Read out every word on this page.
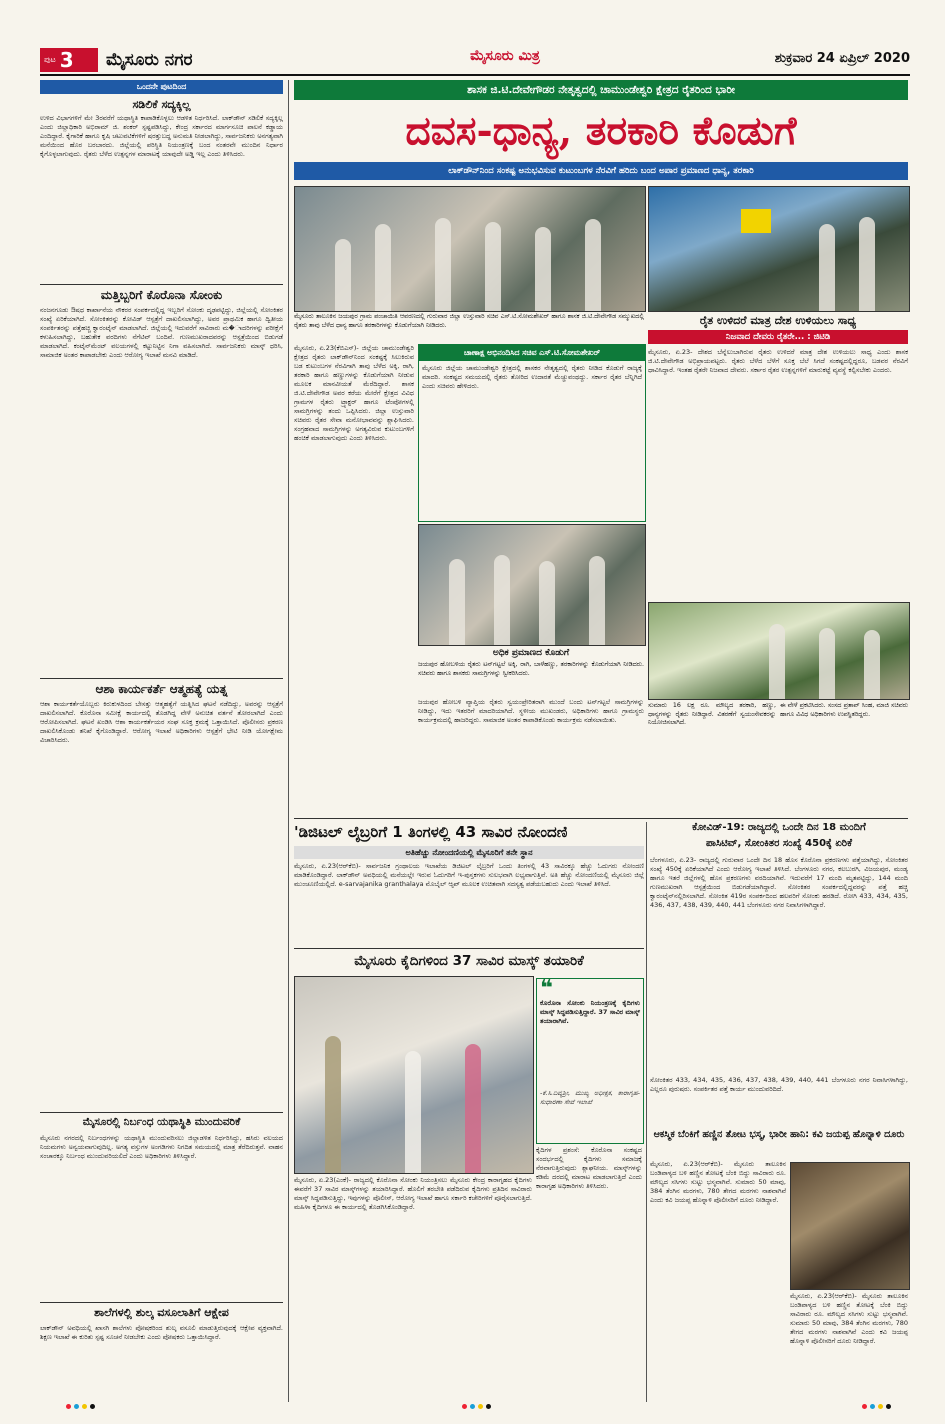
ಪುಟ 3 ಮೈಸೂರು ನಗರ	ಮೈಸೂರು ಮಿತ್ರ	ಶುಕ್ರವಾರ 24 ಏಪ್ರಿಲ್ 2020
ಒಂದನೇ ಪುಟದಿಂದ
ಸಡಿಲಿಕೆ ಸದ್ಯಕ್ಕಿಲ್ಲ
ಉಳಿದ ವಿಭಾಗಗಳಿಗೆ ಮೇ 3ರವರೆಗೆ ಯಥಾಸ್ಥಿತಿ ಕಾಪಾಡಿಕೊಳ್ಳಲು ಆಡಳಿತ ನಿರ್ಧರಿಸಿದೆ. ಲಾಕ್‌ಡೌನ್ ಸಡಿಲಿಕೆ ಸದ್ಯಕ್ಕಿಲ್ಲ ಎಂದು ಜಿಲ್ಲಾಧಿಕಾರಿ ಅಭಿರಾಮ್ ಜಿ. ಶಂಕರ್ ಸ್ಪಷ್ಟಪಡಿಸಿದ್ದು, ಕೇಂದ್ರ ಸರ್ಕಾರದ ಮಾರ್ಗಸೂಚಿ ಪಾಲನೆ ಕಡ್ಡಾಯ ಎಂದಿದ್ದಾರೆ. ಕೈಗಾರಿಕೆ ಹಾಗೂ ಕೃಷಿ ಚಟುವಟಿಕೆಗಳಿಗೆ ಷರತ್ತುಬದ್ಧ ಅನುಮತಿ ನೀಡಲಾಗಿದ್ದು, ಸಾರ್ವಜನಿಕರು ಅನಗತ್ಯವಾಗಿ ಮನೆಯಿಂದ ಹೊರ ಬರಬಾರದು. ಜಿಲ್ಲೆಯಲ್ಲಿ ಪರಿಸ್ಥಿತಿ ನಿಯಂತ್ರಣಕ್ಕೆ ಬಂದ ನಂತರವೇ ಮುಂದಿನ ನಿರ್ಧಾರ ಕೈಗೊಳ್ಳಲಾಗುವುದು. ರೈತರು ಬೆಳೆದ ಉತ್ಪನ್ನಗಳ ಮಾರಾಟಕ್ಕೆ ಯಾವುದೇ ಅಡ್ಡಿ ಇಲ್ಲ ಎಂದು ತಿಳಿಸಿದರು.
ಮತ್ತಿಬ್ಬರಿಗೆ ಕೊರೊನಾ ಸೋಂಕು
ನಂಜನಗೂಡು ಔಷಧ ಕಾರ್ಖಾನೆಯ ನೌಕರರ ಸಂಪರ್ಕದಲ್ಲಿದ್ದ ಇಬ್ಬರಿಗೆ ಸೋಂಕು ದೃಢಪಟ್ಟಿದ್ದು, ಜಿಲ್ಲೆಯಲ್ಲಿ ಸೋಂಕಿತರ ಸಂಖ್ಯೆ ಏರಿಕೆಯಾಗಿದೆ. ಸೋಂಕಿತರನ್ನು ಕೋವಿಡ್ ಆಸ್ಪತ್ರೆಗೆ ದಾಖಲಿಸಲಾಗಿದ್ದು, ಅವರ ಪ್ರಾಥಮಿಕ ಹಾಗೂ ದ್ವಿತೀಯ ಸಂಪರ್ಕಿತರನ್ನು ಪತ್ತೆಹಚ್ಚಿ ಕ್ವಾರಂಟೈನ್ ಮಾಡಲಾಗಿದೆ. ಜಿಲ್ಲೆಯಲ್ಲಿ ಇದುವರೆಗೆ ಸಾವಿರಾರು ಮ�ಾದರಿಗಳನ್ನು ಪರೀಕ್ಷೆಗೆ ಕಳುಹಿಸಲಾಗಿದ್ದು, ಬಹುತೇಕ ವರದಿಗಳು ನೆಗೆಟಿವ್ ಬಂದಿವೆ. ಗುಣಮುಖರಾದವರನ್ನು ಆಸ್ಪತ್ರೆಯಿಂದ ಬಿಡುಗಡೆ ಮಾಡಲಾಗಿದೆ. ಕಂಟೈನ್‌ಮೆಂಟ್ ವಲಯಗಳಲ್ಲಿ ಕಟ್ಟುನಿಟ್ಟಿನ ನಿಗಾ ವಹಿಸಲಾಗಿದೆ. ಸಾರ್ವಜನಿಕರು ಮಾಸ್ಕ್ ಧರಿಸಿ, ಸಾಮಾಜಿಕ ಅಂತರ ಕಾಪಾಡಬೇಕು ಎಂದು ಆರೋಗ್ಯ ಇಲಾಖೆ ಮನವಿ ಮಾಡಿದೆ.
ಆಶಾ ಕಾರ್ಯಕರ್ತೆ ಆತ್ಮಹತ್ಯೆ ಯತ್ನ
ಆಶಾ ಕಾರ್ಯಕರ್ತೆಯೊಬ್ಬರು ಕಿರುಕುಳದಿಂದ ಬೇಸತ್ತು ಆತ್ಮಹತ್ಯೆಗೆ ಯತ್ನಿಸಿದ ಘಟನೆ ನಡೆದಿದ್ದು, ಅವರನ್ನು ಆಸ್ಪತ್ರೆಗೆ ದಾಖಲಿಸಲಾಗಿದೆ. ಕೊರೊನಾ ಸಮೀಕ್ಷೆ ಕಾರ್ಯದಲ್ಲಿ ತೊಡಗಿದ್ದ ವೇಳೆ ಅನುಚಿತ ವರ್ತನೆ ತೋರಲಾಗಿದೆ ಎಂದು ಆರೋಪಿಸಲಾಗಿದೆ. ಘಟನೆ ಖಂಡಿಸಿ ಆಶಾ ಕಾರ್ಯಕರ್ತೆಯರ ಸಂಘ ಸೂಕ್ತ ಕ್ರಮಕ್ಕೆ ಒತ್ತಾಯಿಸಿದೆ. ಪೊಲೀಸರು ಪ್ರಕರಣ ದಾಖಲಿಸಿಕೊಂಡು ತನಿಖೆ ಕೈಗೊಂಡಿದ್ದಾರೆ. ಆರೋಗ್ಯ ಇಲಾಖೆ ಅಧಿಕಾರಿಗಳು ಆಸ್ಪತ್ರೆಗೆ ಭೇಟಿ ನೀಡಿ ಯೋಗಕ್ಷೇಮ ವಿಚಾರಿಸಿದರು.
ಮೈಸೂರಲ್ಲಿ ನಿರ್ಬಂಧ ಯಥಾಸ್ಥಿತಿ ಮುಂದುವರಿಕೆ
ಮೈಸೂರು ನಗರದಲ್ಲಿ ನಿರ್ಬಂಧಗಳನ್ನು ಯಥಾಸ್ಥಿತಿ ಮುಂದುವರಿಸಲು ಜಿಲ್ಲಾಡಳಿತ ನಿರ್ಧರಿಸಿದ್ದು, ಹಸಿರು ವಲಯದ ನಿಯಮಗಳು ಅನ್ವಯವಾಗುವುದಿಲ್ಲ. ಅಗತ್ಯ ವಸ್ತುಗಳ ಅಂಗಡಿಗಳು ನಿಗದಿತ ಸಮಯದಲ್ಲಿ ಮಾತ್ರ ತೆರೆದಿರುತ್ತವೆ. ವಾಹನ ಸಂಚಾರಕ್ಕೂ ನಿರ್ಬಂಧ ಮುಂದುವರಿಯಲಿದೆ ಎಂದು ಅಧಿಕಾರಿಗಳು ತಿಳಿಸಿದ್ದಾರೆ.
ಶಾಲೆಗಳಲ್ಲಿ ಶುಲ್ಕ ವಸೂಲಾತಿಗೆ ಆಕ್ಷೇಪ
ಲಾಕ್‌ಡೌನ್ ಅವಧಿಯಲ್ಲಿ ಖಾಸಗಿ ಶಾಲೆಗಳು ಪೋಷಕರಿಂದ ಶುಲ್ಕ ವಸೂಲಿ ಮಾಡುತ್ತಿರುವುದಕ್ಕೆ ಆಕ್ಷೇಪ ವ್ಯಕ್ತವಾಗಿದೆ. ಶಿಕ್ಷಣ ಇಲಾಖೆ ಈ ಕುರಿತು ಸ್ಪಷ್ಟ ಸೂಚನೆ ನೀಡಬೇಕು ಎಂದು ಪೋಷಕರು ಒತ್ತಾಯಿಸಿದ್ದಾರೆ.
ಶಾಸಕ ಜಿ.ಟಿ.ದೇವೇಗೌಡರ ನೇತೃತ್ವದಲ್ಲಿ ಚಾಮುಂಡೇಶ್ವರಿ ಕ್ಷೇತ್ರದ ರೈತರಿಂದ ಭಾರೀ
ದವಸ-ಧಾನ್ಯ, ತರಕಾರಿ ಕೊಡುಗೆ
ಲಾಕ್‌ಡೌನ್‌ನಿಂದ ಸಂಕಷ್ಟ ಅನುಭವಿಸುವ ಕುಟುಂಬಗಳ ನೆರವಿಗೆ ಹರಿದು ಬಂದ ಅಪಾರ ಪ್ರಮಾಣದ ಧಾನ್ಯ, ತರಕಾರಿ
ಮೈಸೂರು ತಾಲೂಕಿನ ಜಯಪುರ ಗ್ರಾಮ ಪಂಚಾಯಿತಿ ಆವರಣದಲ್ಲಿ ಗುರುವಾರ ಜಿಲ್ಲಾ ಉಸ್ತುವಾರಿ ಸಚಿವ ಎಸ್.ಟಿ.ಸೋಮಶೇಖರ್ ಹಾಗೂ ಶಾಸಕ ಜಿ.ಟಿ.ದೇವೇಗೌಡ ಸಮ್ಮುಖದಲ್ಲಿ ರೈತರು ತಾವು ಬೆಳೆದ ಧಾನ್ಯ ಹಾಗೂ ತರಕಾರಿಗಳನ್ನು ಕೊಡುಗೆಯಾಗಿ ನೀಡಿದರು.	ರೈತ ಉಳಿದರೆ ಮಾತ್ರ ದೇಶ ಉಳಿಯಲು ಸಾಧ್ಯ
ನಿಜವಾದ ದೇವರು ರೈತರೇ... : ಜಿಟಿಡಿ
ಮೈಸೂರು, ಏ.23(ಕೆಬಿಎಸ್)- ಜಿಲ್ಲೆಯ ಚಾಮುಂಡೇಶ್ವರಿ ಕ್ಷೇತ್ರದ ರೈತರು ಲಾಕ್‌ಡೌನ್‌ನಿಂದ ಸಂಕಷ್ಟಕ್ಕೆ ಸಿಲುಕಿರುವ ಬಡ ಕುಟುಂಬಗಳ ನೆರವಿಗಾಗಿ ತಾವು ಬೆಳೆದ ಅಕ್ಕಿ, ರಾಗಿ, ತರಕಾರಿ ಹಾಗೂ ಹಣ್ಣುಗಳನ್ನು ಕೊಡುಗೆಯಾಗಿ ನೀಡುವ ಮೂಲಕ ಮಾನವೀಯತೆ ಮೆರೆದಿದ್ದಾರೆ. ಶಾಸಕ ಜಿ.ಟಿ.ದೇವೇಗೌಡ ಅವರ ಕರೆಯ ಮೇರೆಗೆ ಕ್ಷೇತ್ರದ ವಿವಿಧ ಗ್ರಾಮಗಳ ರೈತರು ಟ್ರ್ಯಾಕ್ಟರ್ ಹಾಗೂ ಟೆಂಪೋಗಳಲ್ಲಿ ಸಾಮಗ್ರಿಗಳನ್ನು ತಂದು ಒಪ್ಪಿಸಿದರು. ಜಿಲ್ಲಾ ಉಸ್ತುವಾರಿ ಸಚಿವರು ರೈತರ ಸೇವಾ ಮನೋಭಾವವನ್ನು ಶ್ಲಾಘಿಸಿದರು. ಸಂಗ್ರಹವಾದ ಸಾಮಗ್ರಿಗಳನ್ನು ಅಗತ್ಯವಿರುವ ಕುಟುಂಬಗಳಿಗೆ ಹಂಚಿಕೆ ಮಾಡಲಾಗುವುದು ಎಂದು ತಿಳಿಸಿದರು.
ಚಾಣಾಕ್ಷ ಅಭಿನಂದಿಸಿದ ಸಚಿವ ಎಸ್.ಟಿ.ಸೋಮಶೇಖರ್
ಮೈಸೂರು ಜಿಲ್ಲೆಯ ಚಾಮುಂಡೇಶ್ವರಿ ಕ್ಷೇತ್ರದಲ್ಲಿ ಶಾಸಕರ ನೇತೃತ್ವದಲ್ಲಿ ರೈತರು ನೀಡಿದ ಕೊಡುಗೆ ರಾಜ್ಯಕ್ಕೆ ಮಾದರಿ. ಸಂಕಷ್ಟದ ಸಮಯದಲ್ಲಿ ರೈತರು ತೋರಿದ ಉದಾರತೆ ಮೆಚ್ಚುವಂಥದ್ದು. ಸರ್ಕಾರ ರೈತರ ಬೆನ್ನಿಗಿದೆ ಎಂದು ಸಚಿವರು ಹೇಳಿದರು.
ಮೈಸೂರು, ಏ.23- ದೇಶದ ಬೆನ್ನೆಲುಬಾಗಿರುವ ರೈತರು ಉಳಿದರೆ ಮಾತ್ರ ದೇಶ ಉಳಿಯಲು ಸಾಧ್ಯ ಎಂದು ಶಾಸಕ ಜಿ.ಟಿ.ದೇವೇಗೌಡ ಅಭಿಪ್ರಾಯಪಟ್ಟರು. ರೈತರು ಬೆಳೆದ ಬೆಳೆಗೆ ಸೂಕ್ತ ಬೆಲೆ ಸಿಗದೆ ಸಂಕಷ್ಟದಲ್ಲಿದ್ದರೂ, ಬಡವರ ನೆರವಿಗೆ ಧಾವಿಸಿದ್ದಾರೆ. ಇಂತಹ ರೈತರೇ ನಿಜವಾದ ದೇವರು. ಸರ್ಕಾರ ರೈತರ ಉತ್ಪನ್ನಗಳಿಗೆ ಮಾರುಕಟ್ಟೆ ವ್ಯವಸ್ಥೆ ಕಲ್ಪಿಸಬೇಕು ಎಂದರು.
ಅಧಿಕ ಪ್ರಮಾಣದ ಕೊಡುಗೆ
ಜಯಪುರ ಹೋಬಳಿಯ ರೈತರು ಟನ್‌ಗಟ್ಟಲೆ ಅಕ್ಕಿ, ರಾಗಿ, ಬಾಳೆಹಣ್ಣು, ತರಕಾರಿಗಳನ್ನು ಕೊಡುಗೆಯಾಗಿ ನೀಡಿದರು. ಸಚಿವರು ಹಾಗೂ ಶಾಸಕರು ಸಾಮಗ್ರಿಗಳನ್ನು ಸ್ವೀಕರಿಸಿದರು.
ಸುಮಾರು 16 ಲಕ್ಷ ರೂ. ಮೌಲ್ಯದ ತರಕಾರಿ, ಹಣ್ಣು, ಧಾನ್ಯಗಳನ್ನು ರೈತರು ನೀಡಿದ್ದಾರೆ. ವಿತರಣೆಗೆ ಸ್ವಯಂಸೇವಕರನ್ನು ನಿಯೋಜಿಸಲಾಗಿದೆ.
ಈ ವೇಳೆ ಪ್ರಕಟಿಸಿದರು. ಸಂಸದ ಪ್ರತಾಪ್ ಸಿಂಹ, ಮಾಜಿ ಸಚಿವರು ಹಾಗೂ ವಿವಿಧ ಅಧಿಕಾರಿಗಳು ಉಪಸ್ಥಿತರಿದ್ದರು.
ಜಯಪುರ ಹೋಬಳಿ ವ್ಯಾಪ್ತಿಯ ರೈತರು ಸ್ವಯಂಪ್ರೇರಿತರಾಗಿ ಮುಂದೆ ಬಂದು ಟನ್‌ಗಟ್ಟಲೆ ಸಾಮಗ್ರಿಗಳನ್ನು ನೀಡಿದ್ದು, ಇದು ಇತರರಿಗೆ ಮಾದರಿಯಾಗಿದೆ. ಸ್ಥಳೀಯ ಮುಖಂಡರು, ಅಧಿಕಾರಿಗಳು ಹಾಗೂ ಗ್ರಾಮಸ್ಥರು ಕಾರ್ಯಕ್ರಮದಲ್ಲಿ ಹಾಜರಿದ್ದರು. ಸಾಮಾಜಿಕ ಅಂತರ ಕಾಪಾಡಿಕೊಂಡು ಕಾರ್ಯಕ್ರಮ ನಡೆಸಲಾಯಿತು.
'ಡಿಜಿಟಲ್ ಲೈಬ್ರರಿಗೆ 1 ತಿಂಗಳಲ್ಲಿ 43 ಸಾವಿರ ನೋಂದಣಿ
ಅತಿಹೆಚ್ಚು ನೋಂದಣಿಯಲ್ಲಿ ಮೈಸೂರಿಗೆ ತನೇ ಸ್ಥಾನ
ಮೈಸೂರು, ಏ.23(ಆರ್‌ಕೆಬಿ)- ಸಾರ್ವಜನಿಕ ಗ್ರಂಥಾಲಯ ಇಲಾಖೆಯ ಡಿಜಿಟಲ್ ಲೈಬ್ರರಿಗೆ ಒಂದು ತಿಂಗಳಲ್ಲಿ 43 ಸಾವಿರಕ್ಕೂ ಹೆಚ್ಚು ಓದುಗರು ನೋಂದಣಿ ಮಾಡಿಕೊಂಡಿದ್ದಾರೆ. ಲಾಕ್‌ಡೌನ್ ಅವಧಿಯಲ್ಲಿ ಮನೆಯಲ್ಲೇ ಇರುವ ಓದುಗರಿಗೆ ಇ-ಪುಸ್ತಕಗಳು ಸುಲಭವಾಗಿ ಲಭ್ಯವಾಗುತ್ತಿವೆ. ಅತಿ ಹೆಚ್ಚು ನೋಂದಣಿಯಲ್ಲಿ ಮೈಸೂರು ಜಿಲ್ಲೆ ಮುಂಚೂಣಿಯಲ್ಲಿದೆ. e-sarvajanika granthalaya ಮೊಬೈಲ್ ಆ್ಯಪ್ ಮೂಲಕ ಉಚಿತವಾಗಿ ಸದಸ್ಯತ್ವ ಪಡೆಯಬಹುದು ಎಂದು ಇಲಾಖೆ ತಿಳಿಸಿದೆ.
ಕೋವಿಡ್-19: ರಾಜ್ಯದಲ್ಲಿ ಒಂದೇ ದಿನ 18 ಮಂದಿಗೆ
ಪಾಸಿಟಿವ್, ಸೋಂಕಿತರ ಸಂಖ್ಯೆ 450ಕ್ಕೆ ಏರಿಕೆ
ಬೆಂಗಳೂರು, ಏ.23- ರಾಜ್ಯದಲ್ಲಿ ಗುರುವಾರ ಒಂದೇ ದಿನ 18 ಹೊಸ ಕೊರೊನಾ ಪ್ರಕರಣಗಳು ಪತ್ತೆಯಾಗಿದ್ದು, ಸೋಂಕಿತರ ಸಂಖ್ಯೆ 450ಕ್ಕೆ ಏರಿಕೆಯಾಗಿದೆ ಎಂದು ಆರೋಗ್ಯ ಇಲಾಖೆ ತಿಳಿಸಿದೆ. ಬೆಂಗಳೂರು ನಗರ, ಕಲಬುರಗಿ, ವಿಜಯಪುರ, ಮಂಡ್ಯ ಹಾಗೂ ಇತರೆ ಜಿಲ್ಲೆಗಳಲ್ಲಿ ಹೊಸ ಪ್ರಕರಣಗಳು ವರದಿಯಾಗಿವೆ. ಇದುವರೆಗೆ 17 ಮಂದಿ ಮೃತಪಟ್ಟಿದ್ದು, 144 ಮಂದಿ ಗುಣಮುಖರಾಗಿ ಆಸ್ಪತ್ರೆಯಿಂದ ಬಿಡುಗಡೆಯಾಗಿದ್ದಾರೆ. ಸೋಂಕಿತರ ಸಂಪರ್ಕದಲ್ಲಿದ್ದವರನ್ನು ಪತ್ತೆ ಹಚ್ಚಿ ಕ್ವಾರಂಟೈನ್‌ನಲ್ಲಿರಿಸಲಾಗಿದೆ. ಸೋಂಕಿತ 419ರ ಸಂಪರ್ಕದಿಂದ ಹಲವರಿಗೆ ಸೋಂಕು ಹರಡಿದೆ. ರೋಗಿ 433, 434, 435, 436, 437, 438, 439, 440, 441 ಬೆಂಗಳೂರು ನಗರ ನಿವಾಸಿಗಳಾಗಿದ್ದಾರೆ.
ಸೋಂಕಿತರ 433, 434, 435, 436, 437, 438, 439, 440, 441 ಬೆಂಗಳೂರು ನಗರ ನಿವಾಸಿಗಳಾಗಿದ್ದು, ಎಲ್ಲರೂ ಪುರುಷರು. ಸಂಪರ್ಕಿತರ ಪತ್ತೆ ಕಾರ್ಯ ಮುಂದುವರಿದಿದೆ.
ಆಕಸ್ಮಿಕ ಬೆಂಕಿಗೆ ಹಣ್ಣಿನ ತೋಟ ಭಸ್ಮ, ಭಾರೀ ಹಾನಿ: ಕವಿ ಜಯಪ್ಪ ಹೊನ್ನಾಳಿ ದೂರು
ಮೈಸೂರು, ಏ.23(ಆರ್‌ಕೆಬಿ)- ಮೈಸೂರು ತಾಲೂಕಿನ ಬಂಡಿಪಾಳ್ಯದ ಬಳಿ ಹಣ್ಣಿನ ತೋಟಕ್ಕೆ ಬೆಂಕಿ ಬಿದ್ದು ಸಾವಿರಾರು ರೂ. ಮೌಲ್ಯದ ಸಸಿಗಳು ಸುಟ್ಟು ಭಸ್ಮವಾಗಿವೆ. ಸುಮಾರು 50 ಮಾವು, 384 ತೆಂಗಿನ ಮರಗಳು, 780 ತೇಗದ ಮರಗಳು ನಾಶವಾಗಿವೆ ಎಂದು ಕವಿ ಜಯಪ್ಪ ಹೊನ್ನಾಳಿ ಪೊಲೀಸರಿಗೆ ದೂರು ನೀಡಿದ್ದಾರೆ.
ಮೈಸೂರು, ಏ.23(ಆರ್‌ಕೆಬಿ)- ಮೈಸೂರು ತಾಲೂಕಿನ ಬಂಡಿಪಾಳ್ಯದ ಬಳಿ ಹಣ್ಣಿನ ತೋಟಕ್ಕೆ ಬೆಂಕಿ ಬಿದ್ದು ಸಾವಿರಾರು ರೂ. ಮೌಲ್ಯದ ಸಸಿಗಳು ಸುಟ್ಟು ಭಸ್ಮವಾಗಿವೆ. ಸುಮಾರು 50 ಮಾವು, 384 ತೆಂಗಿನ ಮರಗಳು, 780 ತೇಗದ ಮರಗಳು ನಾಶವಾಗಿವೆ ಎಂದು ಕವಿ ಜಯಪ್ಪ ಹೊನ್ನಾಳಿ ಪೊಲೀಸರಿಗೆ ದೂರು ನೀಡಿದ್ದಾರೆ.
ಮೈಸೂರು ಕೈದಿಗಳಿಂದ 37 ಸಾವಿರ ಮಾಸ್ಕ್ ತಯಾರಿಕೆ
❝
ಕೊರೊನಾ ಸೋಂಕು ನಿಯಂತ್ರಣಕ್ಕೆ ಕೈದಿಗಳು ಮಾಸ್ಕ್ ಸಿದ್ಧಪಡಿಸುತ್ತಿದ್ದಾರೆ. 37 ಸಾವಿರ ಮಾಸ್ಕ್ ತಯಾರಾಗಿವೆ.
-ಕೆ.ಸಿ.ದಿವ್ಯಶ್ರೀ, ಮುಖ್ಯ ಅಧೀಕ್ಷಕ, ಕಾರಾಗೃಹ-ಸುಧಾರಣಾ ಸೇವೆ ಇಲಾಖೆ
ಮೈಸೂರು, ಏ.23(ಎಂಕೆ)- ರಾಜ್ಯದಲ್ಲಿ ಕೊರೊನಾ ಸೋಂಕು ನಿಯಂತ್ರಿಸಲು ಮೈಸೂರು ಕೇಂದ್ರ ಕಾರಾಗೃಹದ ಕೈದಿಗಳು ಈವರೆಗೆ 37 ಸಾವಿರ ಮಾಸ್ಕ್‌ಗಳನ್ನು ತಯಾರಿಸಿದ್ದಾರೆ. ಹೊಲಿಗೆ ತರಬೇತಿ ಪಡೆದಿರುವ ಕೈದಿಗಳು ಪ್ರತಿದಿನ ಸಾವಿರಾರು ಮಾಸ್ಕ್ ಸಿದ್ಧಪಡಿಸುತ್ತಿದ್ದು, ಇವುಗಳನ್ನು ಪೊಲೀಸ್, ಆರೋಗ್ಯ ಇಲಾಖೆ ಹಾಗೂ ಸರ್ಕಾರಿ ಕಚೇರಿಗಳಿಗೆ ಪೂರೈಸಲಾಗುತ್ತಿದೆ. ಮಹಿಳಾ ಕೈದಿಗಳೂ ಈ ಕಾರ್ಯದಲ್ಲಿ ತೊಡಗಿಸಿಕೊಂಡಿದ್ದಾರೆ.
ಕೈದಿಗಳ ಪ್ರಶಂಸೆ: ಕೊರೊನಾ ಸಂಕಷ್ಟದ ಸಂದರ್ಭದಲ್ಲಿ ಕೈದಿಗಳು ಸಮಾಜಕ್ಕೆ ನೆರವಾಗುತ್ತಿರುವುದು ಶ್ಲಾಘನೀಯ. ಮಾಸ್ಕ್‌ಗಳನ್ನು ಕಡಿಮೆ ದರದಲ್ಲಿ ಮಾರಾಟ ಮಾಡಲಾಗುತ್ತಿದೆ ಎಂದು ಕಾರಾಗೃಹ ಅಧಿಕಾರಿಗಳು ತಿಳಿಸಿದರು.
